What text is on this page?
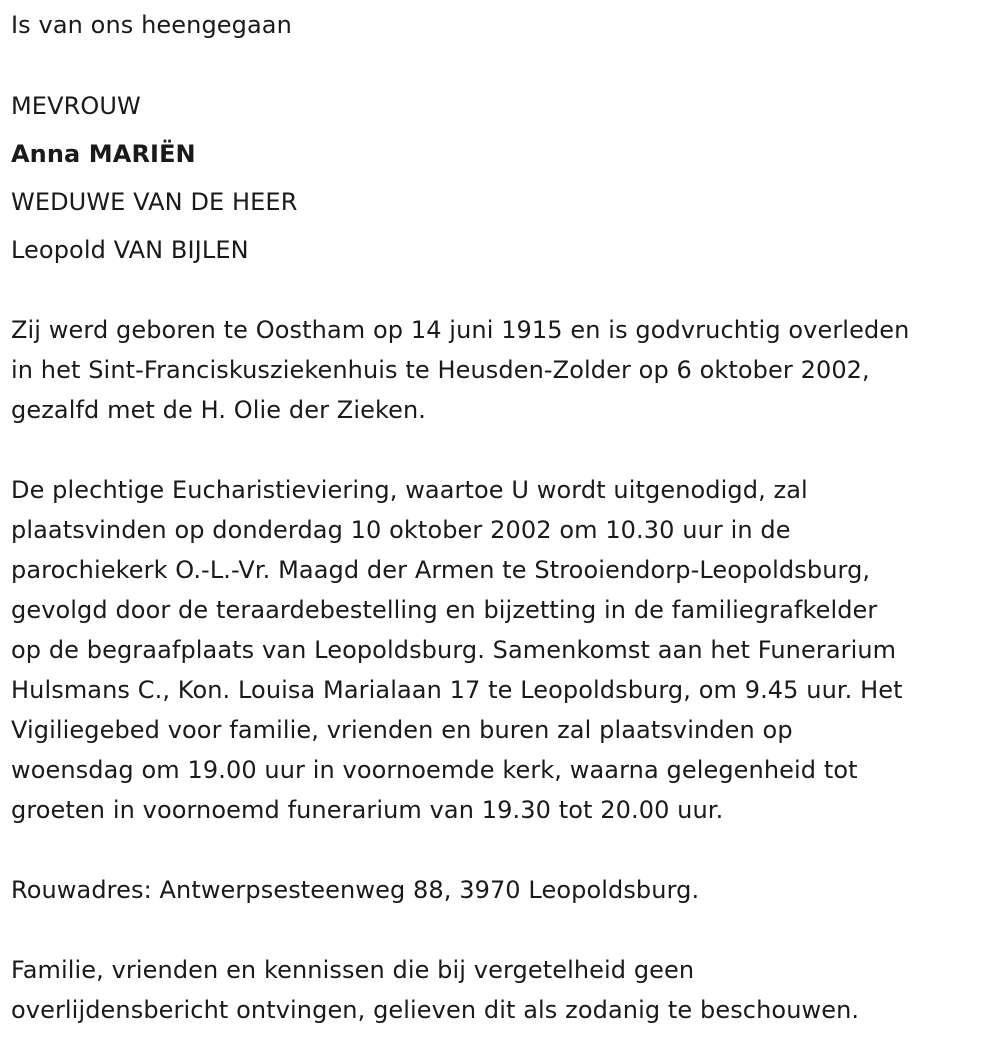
Is van ons heengegaan
MEVROUW
Anna MARIËN
WEDUWE VAN DE HEER
Leopold VAN BIJLEN
Zij werd geboren te Oostham op 14 juni 1915 en is godvruchtig overleden
in het Sint-Franciskusziekenhuis te Heusden-Zolder op 6 oktober 2002,
gezalfd met de H. Olie der Zieken.
De plechtige Eucharistieviering, waartoe U wordt uitgenodigd, zal
plaatsvinden op donderdag 10 oktober 2002 om 10.30 uur in de
parochiekerk O.-L.-Vr. Maagd der Armen te Strooiendorp-Leopoldsburg,
gevolgd door de teraardebestelling en bijzetting in de familiegrafkelder
op de begraafplaats van Leopoldsburg. Samenkomst aan het Funerarium
Hulsmans C., Kon. Louisa Marialaan 17 te Leopoldsburg, om 9.45 uur. Het
Vigiliegebed voor familie, vrienden en buren zal plaatsvinden op
woensdag om 19.00 uur in voornoemde kerk, waarna gelegenheid tot
groeten in voornoemd funerarium van 19.30 tot 20.00 uur.
Rouwadres: Antwerpsesteenweg 88, 3970 Leopoldsburg.
Familie, vrienden en kennissen die bij vergetelheid geen
overlijdensbericht ontvingen, gelieven dit als zodanig te beschouwen.
